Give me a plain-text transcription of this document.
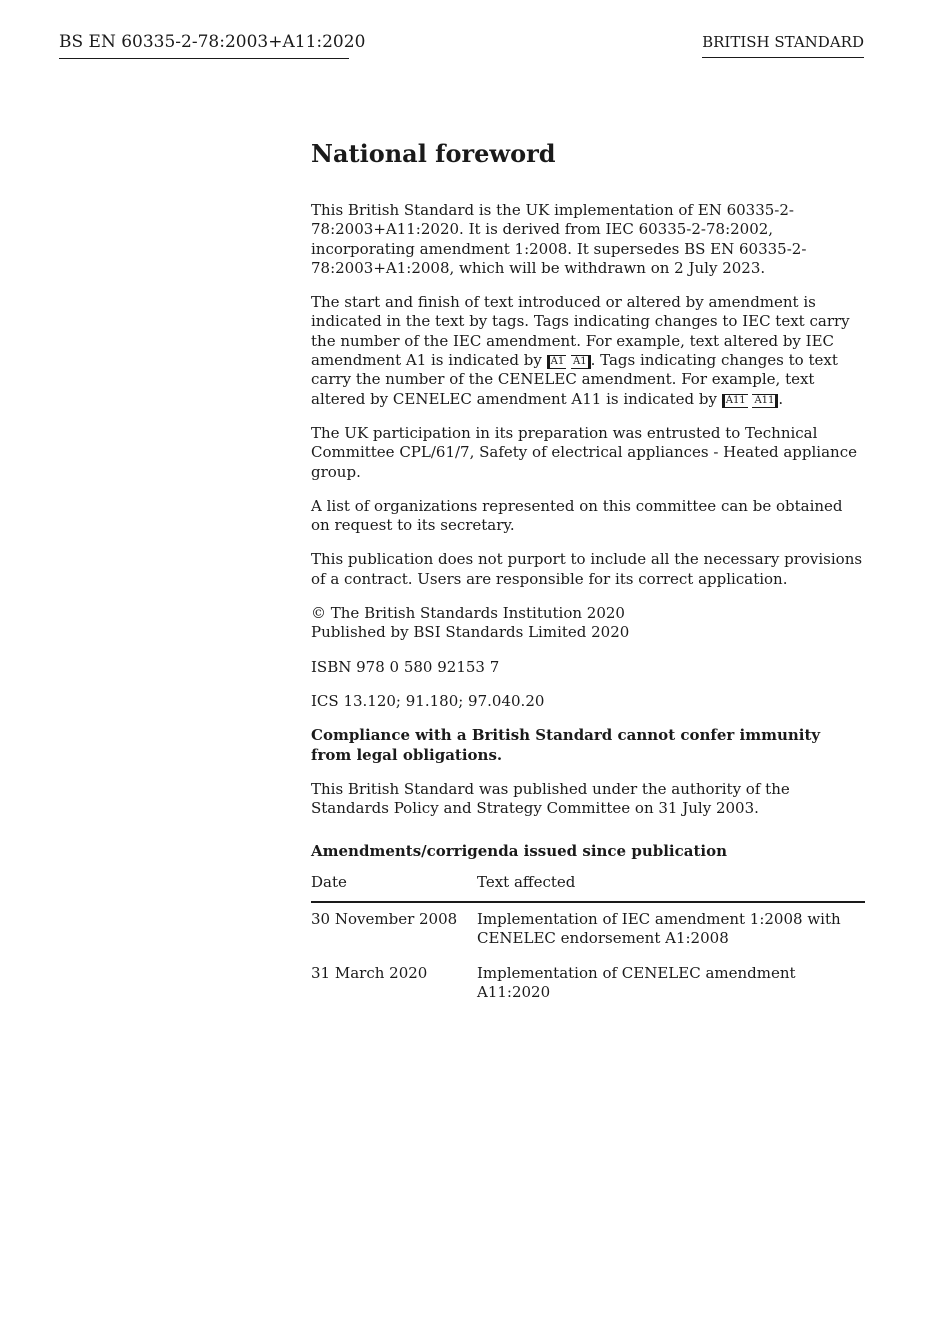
BS EN 60335-2-78:2003+A11:2020	BRITISH STANDARD
National foreword

This British Standard is the UK implementation of EN 60335-2-78:2003+A11:2020. It is derived from IEC 60335-2-78:2002, incorporating amendment 1:2008. It supersedes BS EN 60335-2-78:2003+A1:2008, which will be withdrawn on 2 July 2023.

The start and finish of text introduced or altered by amendment is indicated in the text by tags. Tags indicating changes to IEC text carry the number of the IEC amendment. For example, text altered by IEC amendment A1 is indicated by A1 A1 . Tags indicating changes to text carry the number of the CENELEC amendment. For example, text altered by CENELEC amendment A11 is indicated by A11 A11 .

The UK participation in its preparation was entrusted to Technical Committee CPL/61/7, Safety of electrical appliances - Heated appliance group.

A list of organizations represented on this committee can be obtained on request to its secretary.

This publication does not purport to include all the necessary provisions of a contract. Users are responsible for its correct application.

© The British Standards Institution 2020
Published by BSI Standards Limited 2020

ISBN 978 0 580 92153 7

ICS 13.120; 91.180; 97.040.20

Compliance with a British Standard cannot confer immunity from legal obligations.

This British Standard was published under the authority of the Standards Policy and Strategy Committee on 31 July 2003.

Amendments/corrigenda issued since publication
Date	Text affected
30 November 2008	Implementation of IEC amendment 1:2008 with CENELEC endorsement A1:2008
31 March 2020	Implementation of CENELEC amendment A11:2020
